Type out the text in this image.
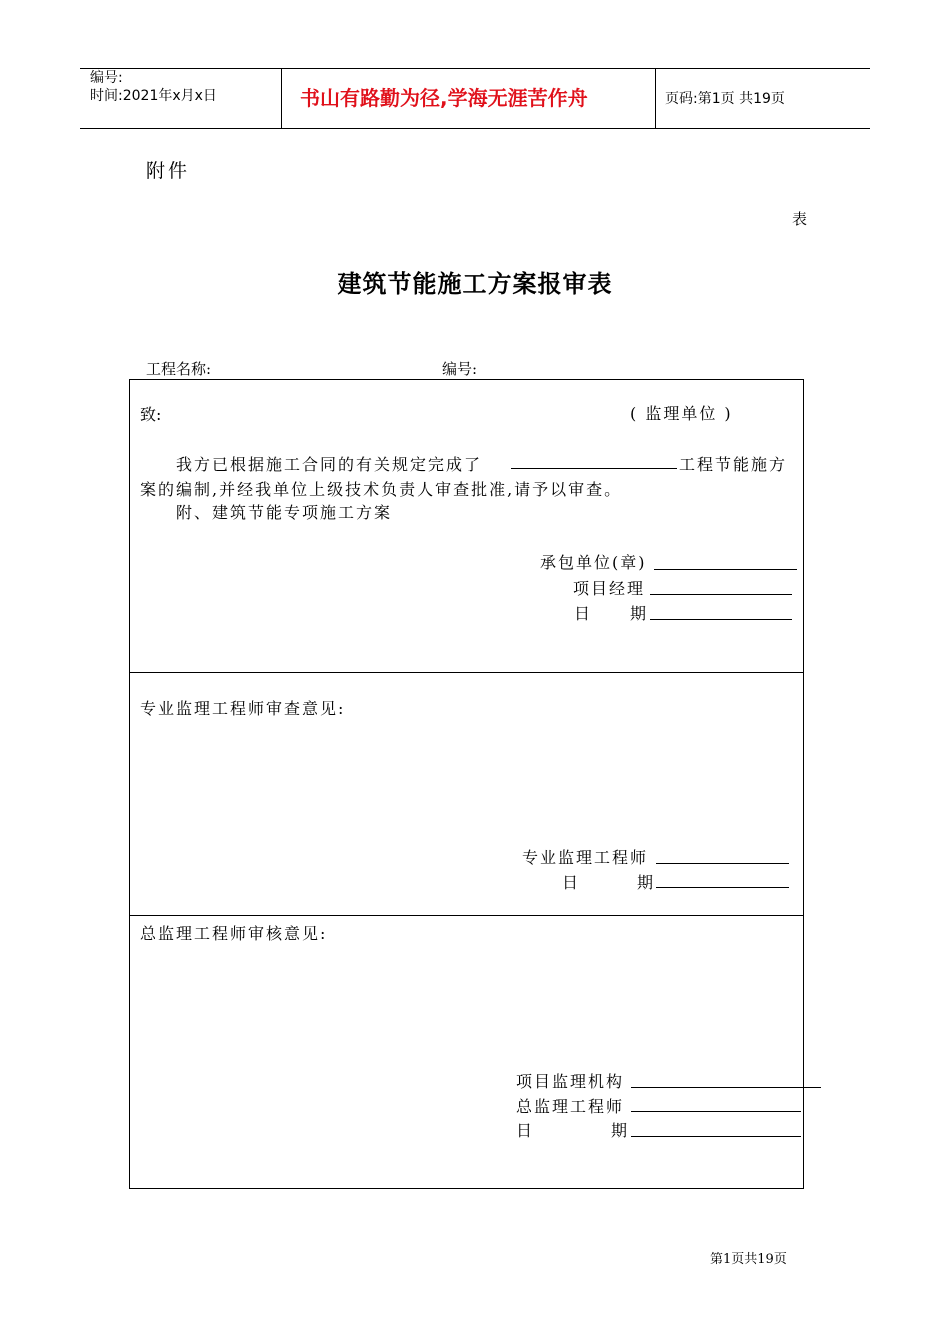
编号:
时间:2021年x月x日	书山有路勤为径,学海无涯苦作舟	页码:第1页 共19页
附件
表
建筑节能施工方案报审表
工程名称:	编号:
致:	( 监理单位 )
我方已根据施工合同的有关规定完成了	工程节能施方
案的编制,并经我单位上级技术负责人审查批准,请予以审查。
附、建筑节能专项施工方案
承包单位(章)
项目经理
日 期
专业监理工程师审查意见:
专业监理工程师
日	期
总监理工程师审核意见:
项目监理机构
总监理工程师
日	期
第1页共19页
